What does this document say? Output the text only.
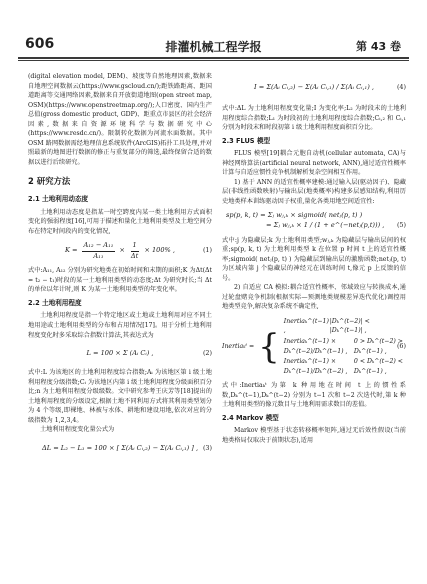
606	排灌机械工程学报	第 43 卷

(digital elevation model, DEM)、坡度等自然地理因素,数据来自地理空间数据云(https://www.gscloud.cn/);距铁路距离、距国道距离等交通网络因素,数据来自开放街道地图(open street map, OSM)(https://www.openstreetmap.org/);人口密度、国内生产总值(gross domestic product, GDP)、距重点市县区的社会经济因素,数据来自资源环境科学与数据研究中心(https://www.resdc.cn/)。限制转化数据为河流水面数据。其中 OSM 路网数据需经地理信息系统软件(ArcGIS)拓扑工具处理,并对照最新的地图进行数据的修正与重复部分的筛选,最终保留合适的数据以进行后续研究。

2 研究方法
2.1 土地利用动态度

土地利用动态度是指某一时空跨度内某一类土地利用方式面积变化的强弱程度[16],可用于描述和量化土地利用类型及土地空间分布在特定时间段内的变化情况,

$K = \frac{\text{A₁₂ − A₁₁}}{\text{A₁₁}} \times \frac{1}{\Delta t} \times 100\%$ ,	(1)

式中:A₁₁, A₁₂ 分别为研究地类在初始时间和末期的面积;K 为Δt(Δt = t₂ − t₁)时段的某一土地利用类型的动态度;Δt 为研究时长;当 Δt 的单位以年计时,则 K 为某一土地利用类型的年变化率。

2.2 土地利用程度

土地利用程度是指一个特定地区或土地或土地利用对应不同土地用途或土地利用类型的分布和占用情况[17]。用于分析土地利用程度变化时多采取综合指数计算法,其表达式为

L = 100 × Σ (Aᵢ Cᵢ) ,	(2)

式中:L 为该地区的土地利用程度综合指数;Aᵢ 为该地区第 i 级土地利用程度分级指数;Cᵢ 为该地区内第 i 级土地利用程度分级面积百分比;n 为土地利用程度分级级数。文中研究参考王庆芳等[18]提出的土地利用程度的分级设定,根据土地不同利用方式将其利用类型划分为 4 个等级,即裸地、林被与水体、耕地和建设用地,依次对应的分级指数为 1,2,3,4。

土地利用程度变化量公式为

ΔL = L₂ − L₁ = 100 × [ Σ(Aᵢ Cᵢ,₂) − Σ(Aᵢ Cᵢ,₁) ] , (3)
I = Σ(Aᵢ Cᵢ,₂) − Σ(Aᵢ Cᵢ,₁) / Σ(Aᵢ Cᵢ,₁) ,	(4)

式中:ΔL 为土地利用程度变化量;I 为变化率;L₂ 为时段末的土地利用程度综合指数;L₁ 为时段初的土地利用程度综合指数;Cᵢ,₂ 和 Cᵢ,₁ 分别为时段末和时段初第 i 级土地利用程度面积百分比。

2.3 FLUS 模型

FLUS 模型[19]耦合元胞自动机(cellular automata, CA)与神经网络算法(artificial neural network, ANN),通过适宜性概率计算与自适应惯性竞争机制解析复杂空间相互作用。

1) 基于 ANN 的适宜性概率建模:通过输入层(驱动因子)、隐藏层(非线性函数映射)与输出层(地类概率)构建多层感知结构,利用历史地类样本训练驱动因子权重,量化各类用地空间适宜性:

sp(p, k, t) = Σⱼ wⱼ,ₖ × sigmoid( netⱼ(p, t) )
= Σⱼ wⱼ,ₖ × 1 / (1 + e^(−netⱼ(p,t))) , (5)

式中:j 为隐藏层;k 为土地利用类型;wⱼ,ₖ 为隐藏层与输出层间的权重;sp(p, k, t) 为土地利用类型 k 在位置 p 时间 t 上的适宜性概率;sigmoid( netⱼ(p, t) ) 为隐藏层到输出层的激励函数;netⱼ(p, t) 为区域内第 j 个隐藏层的神经元在训练时间 t,像元 p 上反馈的信号。

2) 自适应 CA 模拟:耦合适宜性概率、邻域效应与转换成本,通过轮盘赌竞争机制(根据实际—预测地类规模差异迭代优化)调控用地类型竞争,解决复杂系统不确定性,

Inertiaₖᵗ = {
Inertiaₖ^(t−1) ,
|Dₖ^(t−2)| < |Dₖ^(t−1)| ,
Inertiaₖ^(t−1) × Dₖ^(t−2)/Dₖ^(t−1) ,
0 > Dₖ^(t−2) > Dₖ^(t−1) ,
Inertiaₖ^(t−1) × Dₖ^(t−1)/Dₖ^(t−2) ,
0 < Dₖ^(t−2) < Dₖ^(t−1) ,
(6)

式中:Inertiaₖᵗ 为第 k 种用地在时间 t 上的惯性系数,Dₖ^(t−1),Dₖ^(t−2) 分别为 t−1 次和 t−2 次迭代时,第 k 种土地利用类型的像元数目与土地利用需求数目的差值。

2.4 Markov 模型

Markov 模型基于状态转移概率矩阵,通过无后效性假设(当前地类格局仅取决于前期状态),适用
